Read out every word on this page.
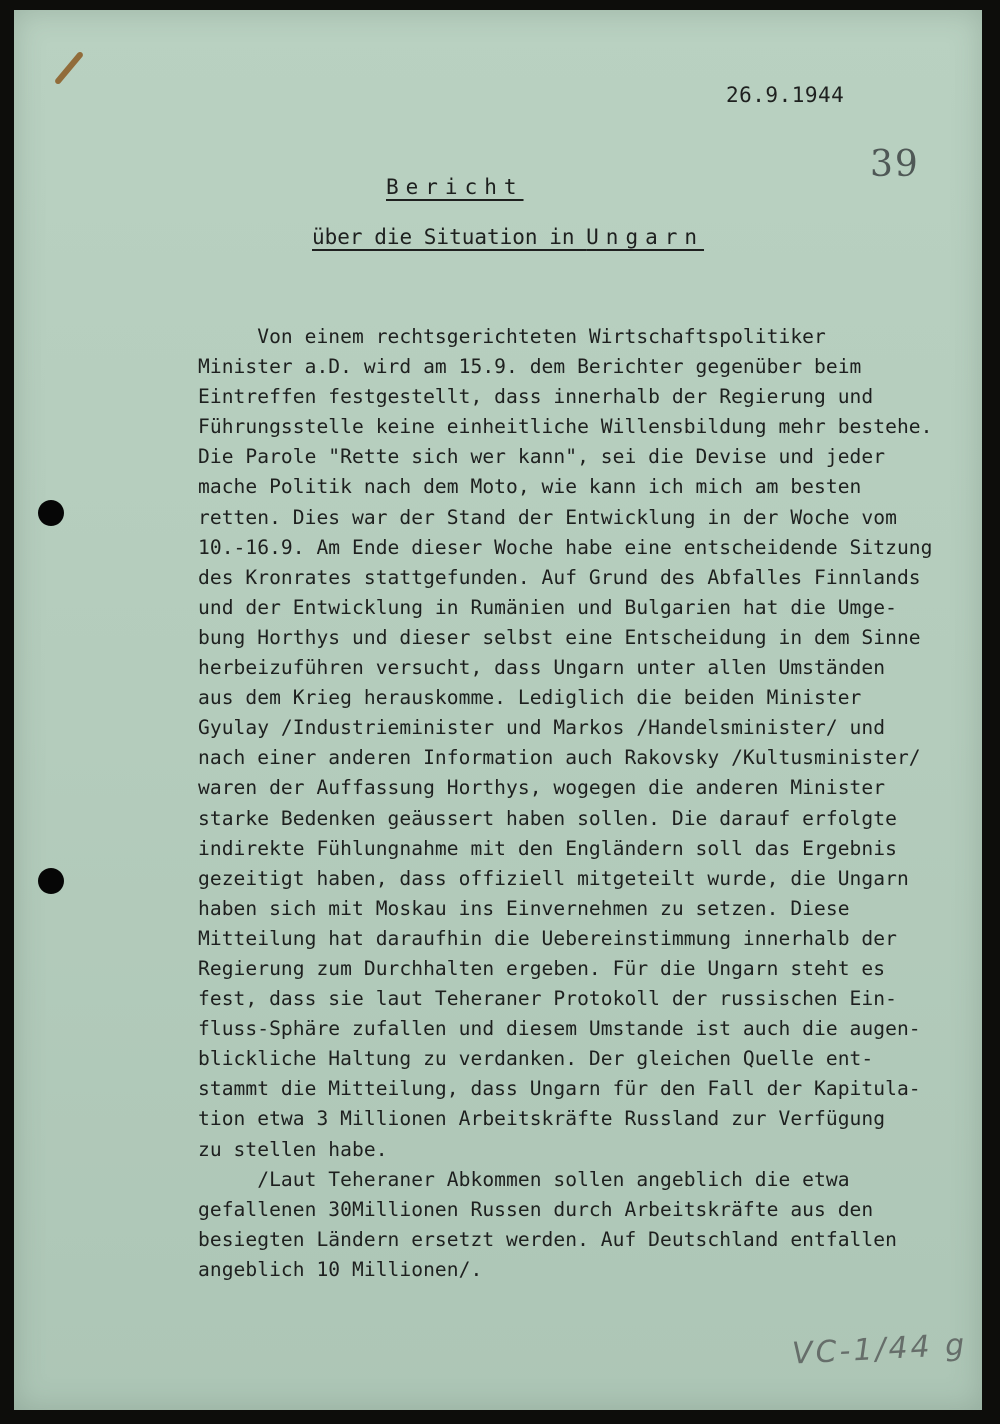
26.9.1944
39
Bericht
über die Situation in Ungarn
Von einem rechtsgerichteten Wirtschaftspolitiker
Minister a.D. wird am 15.9. dem Berichter gegenüber beim
Eintreffen festgestellt, dass innerhalb der Regierung und
Führungsstelle keine einheitliche Willensbildung mehr bestehe.
Die Parole "Rette sich wer kann", sei die Devise und jeder
mache Politik nach dem Moto, wie kann ich mich am besten
retten. Dies war der Stand der Entwicklung in der Woche vom
10.-16.9. Am Ende dieser Woche habe eine entscheidende Sitzung
des Kronrates stattgefunden. Auf Grund des Abfalles Finnlands
und der Entwicklung in Rumänien und Bulgarien hat die Umge-
bung Horthys und dieser selbst eine Entscheidung in dem Sinne
herbeizuführen versucht, dass Ungarn unter allen Umständen
aus dem Krieg herauskomme. Lediglich die beiden Minister
Gyulay /Industrieminister und Markos /Handelsminister/ und
nach einer anderen Information auch Rakovsky /Kultusminister/
waren der Auffassung Horthys, wogegen die anderen Minister
starke Bedenken geäussert haben sollen. Die darauf erfolgte
indirekte Fühlungnahme mit den Engländern soll das Ergebnis
gezeitigt haben, dass offiziell mitgeteilt wurde, die Ungarn
haben sich mit Moskau ins Einvernehmen zu setzen. Diese
Mitteilung hat daraufhin die Uebereinstimmung innerhalb der
Regierung zum Durchhalten ergeben. Für die Ungarn steht es
fest, dass sie laut Teheraner Protokoll der russischen Ein-
fluss-Sphäre zufallen und diesem Umstande ist auch die augen-
blickliche Haltung zu verdanken. Der gleichen Quelle ent-
stammt die Mitteilung, dass Ungarn für den Fall der Kapitula-
tion etwa 3 Millionen Arbeitskräfte Russland zur Verfügung
zu stellen habe.
/Laut Teheraner Abkommen sollen angeblich die etwa
gefallenen 30Millionen Russen durch Arbeitskräfte aus den
besiegten Ländern ersetzt werden. Auf Deutschland entfallen
angeblich 10 Millionen/.
VC-1/44 g
